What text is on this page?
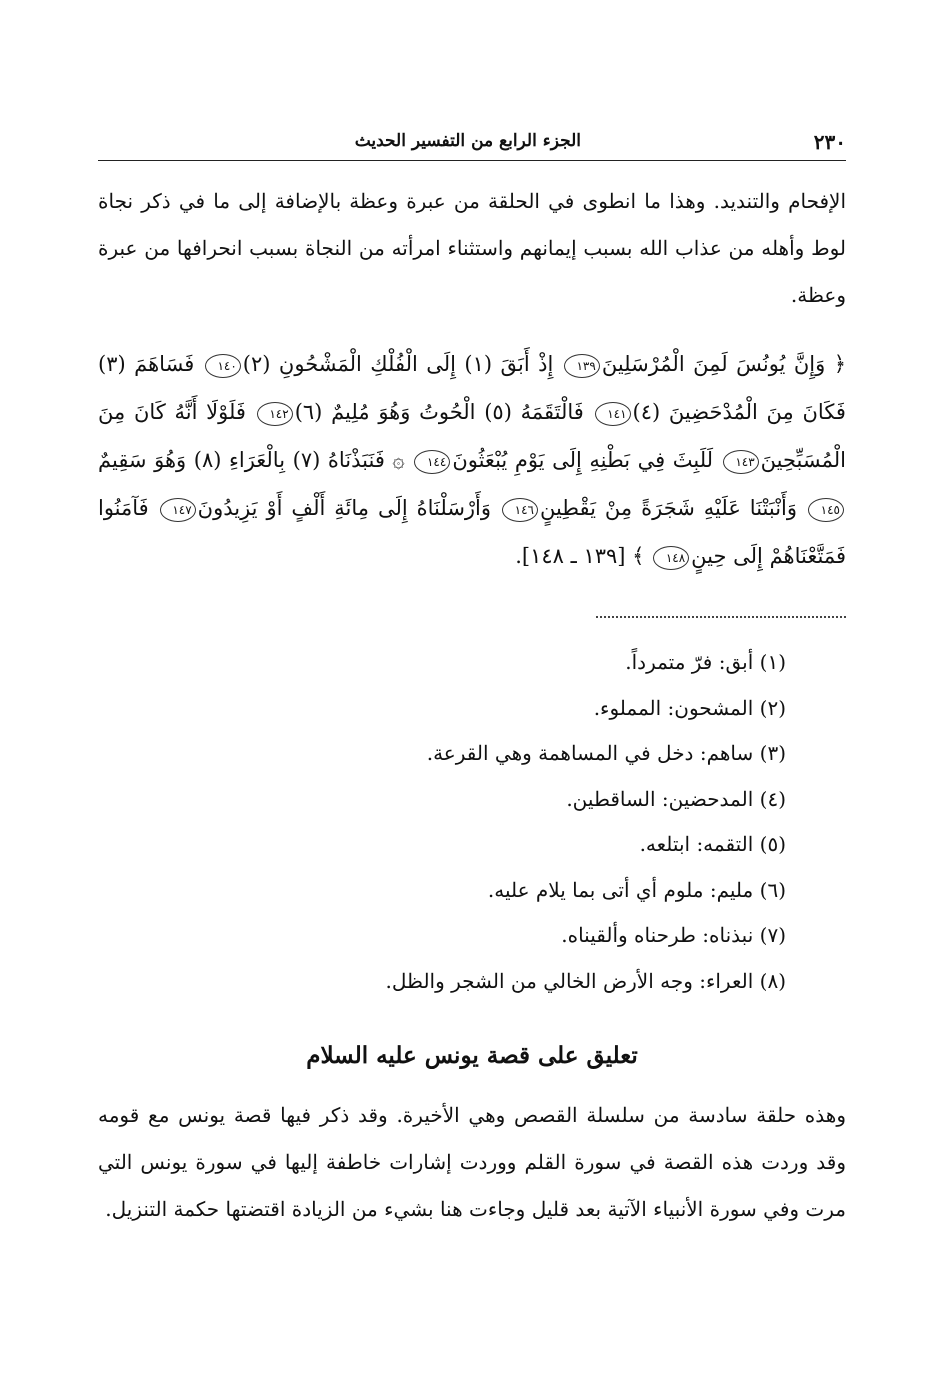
٢٣٠
الجزء الرابع من التفسير الحديث

الإفحام والتنديد. وهذا ما انطوى في الحلقة من عبرة وعظة بالإضافة إلى ما في ذكر نجاة لوط وأهله من عذاب الله بسبب إيمانهم واستثناء امرأته من النجاة بسبب انحرافها من عبرة وعظة.

﴿ وَإِنَّ يُونُسَ لَمِنَ الْمُرْسَلِينَ١٣٩ إِذْ أَبَقَ (١) إِلَى الْفُلْكِ الْمَشْحُونِ (٢)١٤٠ فَسَاهَمَ (٣) فَكَانَ مِنَ الْمُدْحَضِينَ (٤)١٤١ فَالْتَقَمَهُ (٥) الْحُوتُ وَهُوَ مُلِيمٌ (٦)١٤٢ فَلَوْلَا أَنَّهُ كَانَ مِنَ الْمُسَبِّحِينَ١٤٣ لَلَبِثَ فِي بَطْنِهِ إِلَى يَوْمِ يُبْعَثُونَ١٤٤ ۞ فَنَبَذْنَاهُ (٧) بِالْعَرَاءِ (٨) وَهُوَ سَقِيمٌ١٤٥ وَأَنْبَتْنَا عَلَيْهِ شَجَرَةً مِنْ يَقْطِينٍ١٤٦ وَأَرْسَلْنَاهُ إِلَى مِائَةِ أَلْفٍ أَوْ يَزِيدُونَ١٤٧ فَآمَنُوا فَمَتَّعْنَاهُمْ إِلَى حِينٍ١٤٨ ﴾ [١٣٩ ـ ١٤٨].

(١) أبق: فرّ متمرداً.
(٢) المشحون: المملوء.
(٣) ساهم: دخل في المساهمة وهي القرعة.
(٤) المدحضين: الساقطين.
(٥) التقمه: ابتلعه.
(٦) مليم: ملوم أي أتى بما يلام عليه.
(٧) نبذناه: طرحناه وألقيناه.
(٨) العراء: وجه الأرض الخالي من الشجر والظل.
تعليق على قصة يونس عليه السلام

وهذه حلقة سادسة من سلسلة القصص وهي الأخيرة. وقد ذكر فيها قصة يونس مع قومه وقد وردت هذه القصة في سورة القلم ووردت إشارات خاطفة إليها في سورة يونس التي مرت وفي سورة الأنبياء الآتية بعد قليل وجاءت هنا بشيء من الزيادة اقتضتها حكمة التنزيل.
